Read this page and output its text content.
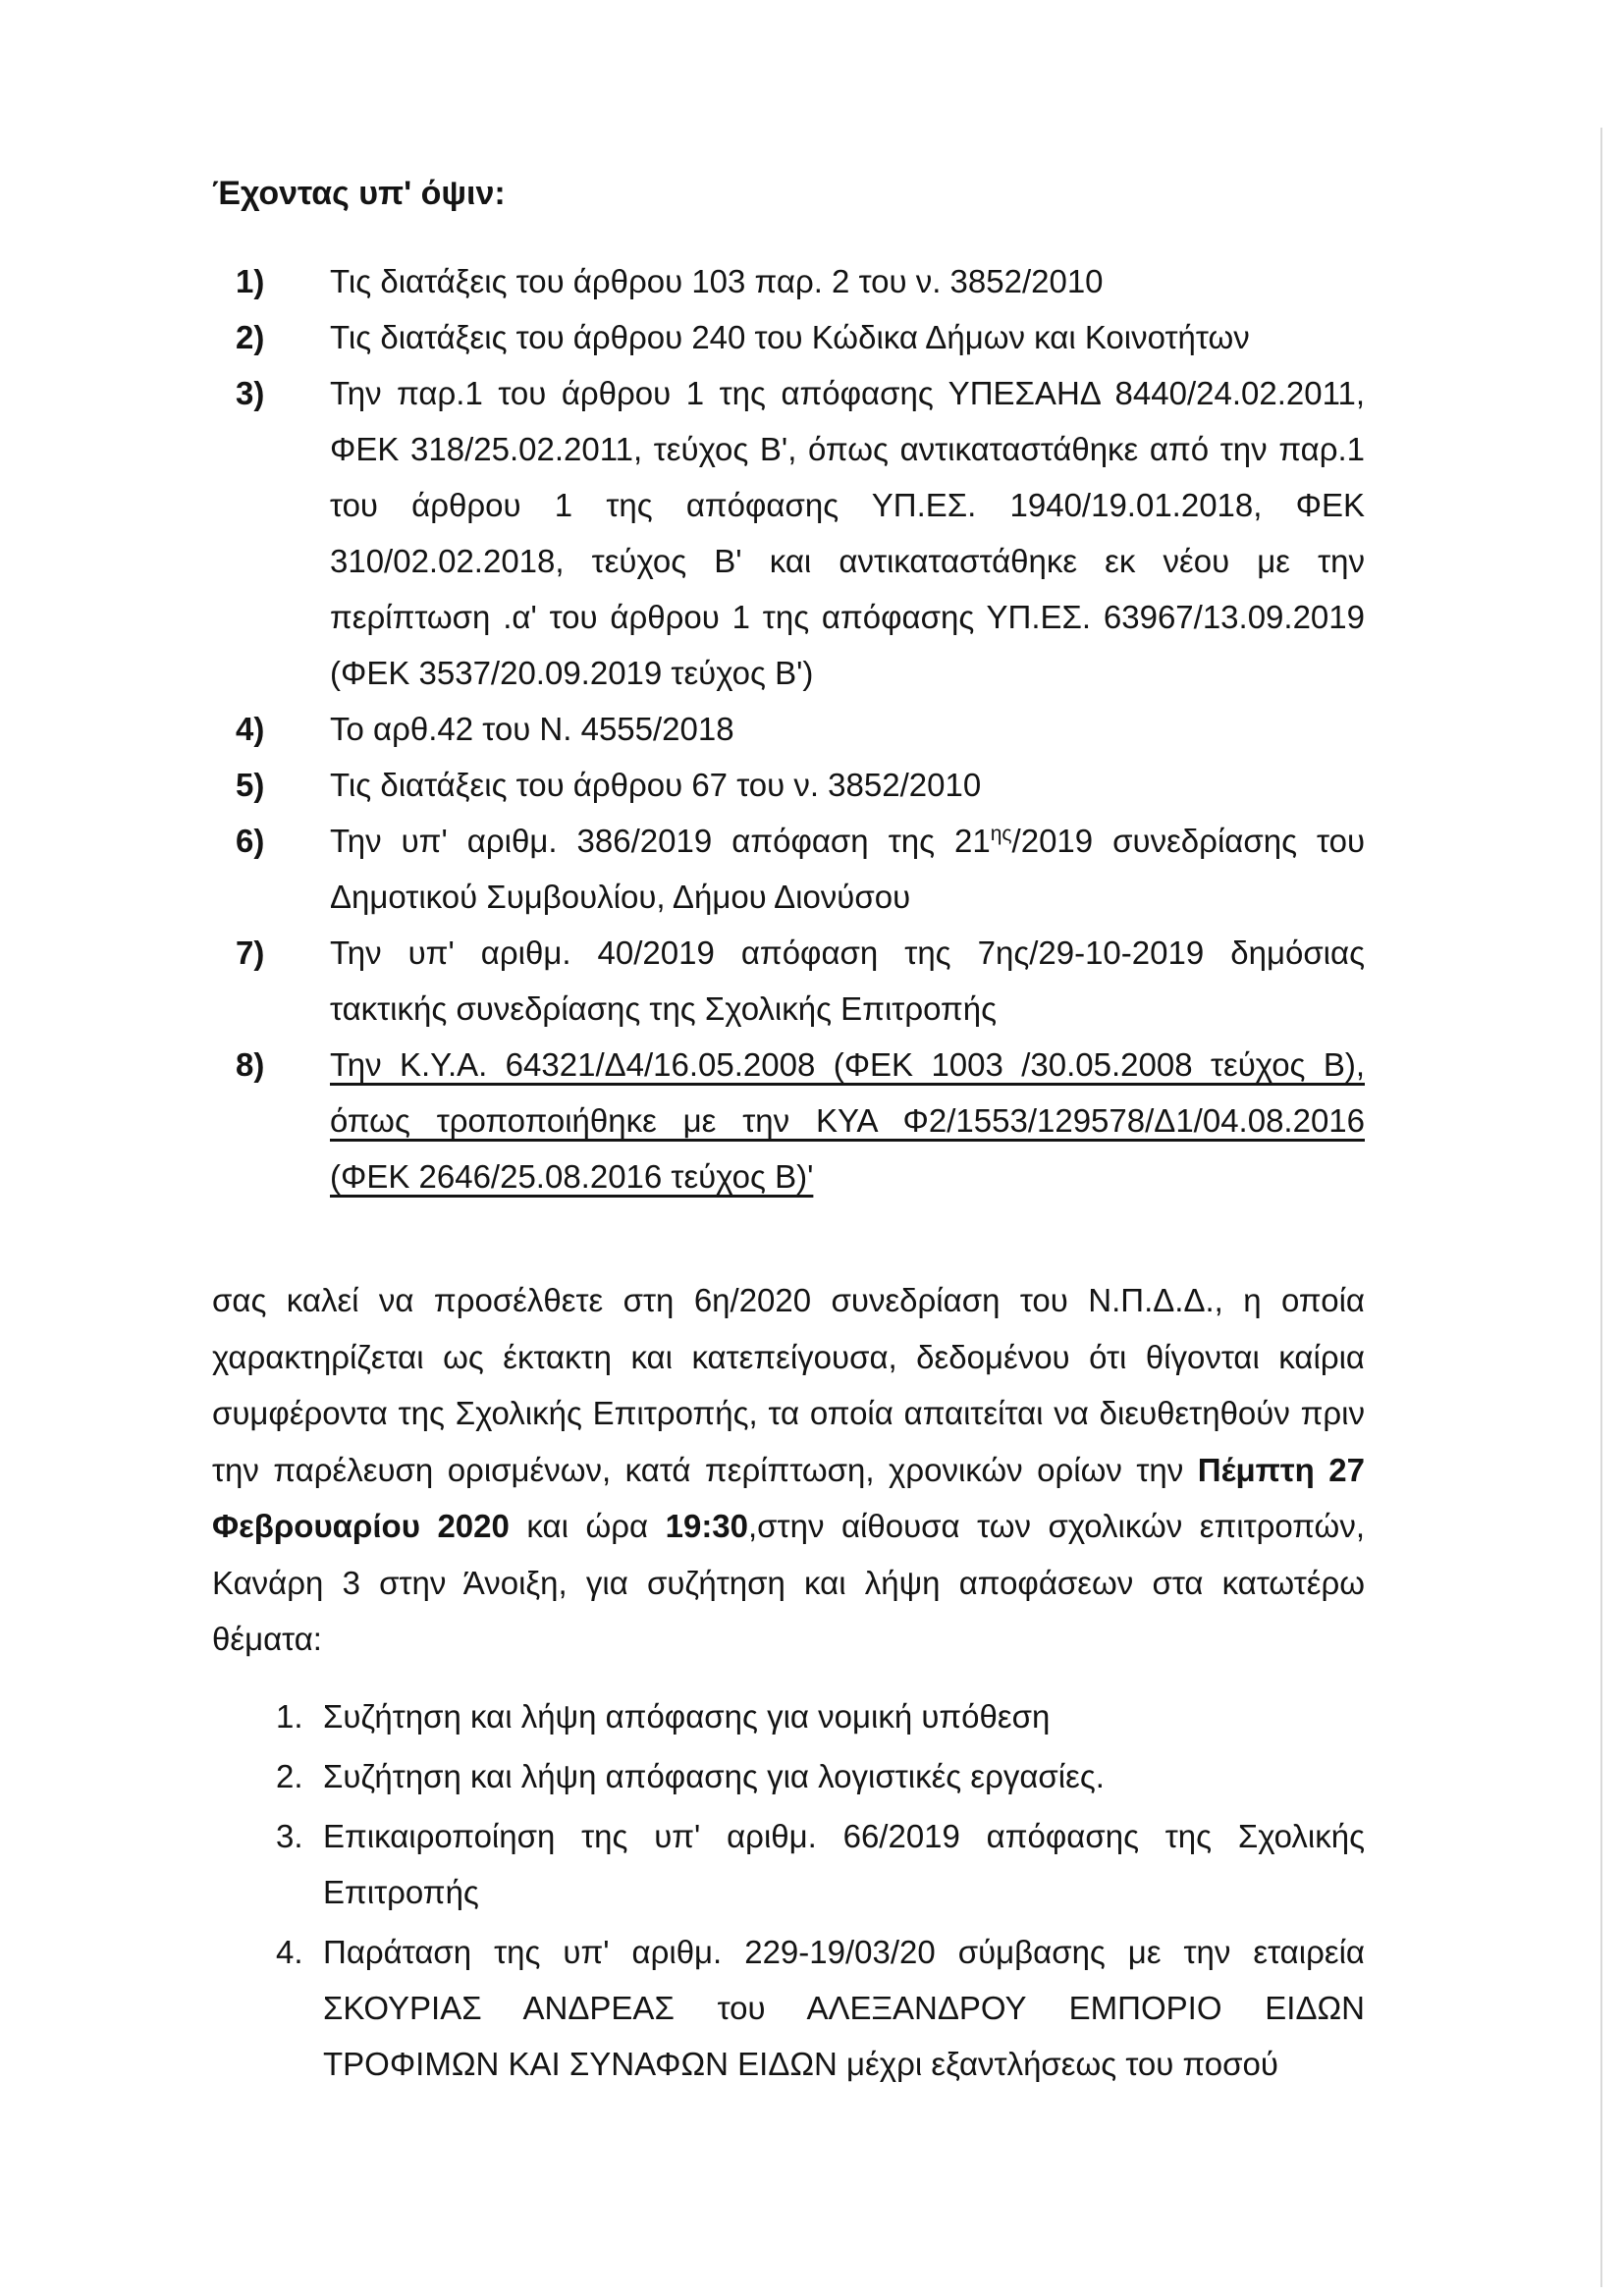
Έχοντας υπ' όψιν:
1) Τις διατάξεις του άρθρου 103 παρ. 2 του ν. 3852/2010
2) Τις διατάξεις του άρθρου 240 του Κώδικα Δήμων και Κοινοτήτων
3) Την παρ.1 του άρθρου 1 της απόφασης ΥΠΕΣΑΗΔ 8440/24.02.2011, ΦΕΚ 318/25.02.2011, τεύχος Β', όπως αντικαταστάθηκε από την παρ.1 του άρθρου 1 της απόφασης ΥΠ.ΕΣ. 1940/19.01.2018, ΦΕΚ 310/02.02.2018, τεύχος Β' και αντικαταστάθηκε εκ νέου με την περίπτωση .α' του άρθρου 1 της απόφασης ΥΠ.ΕΣ. 63967/13.09.2019 (ΦΕΚ 3537/20.09.2019 τεύχος Β')
4) Το αρθ.42 του Ν. 4555/2018
5) Τις διατάξεις του άρθρου 67 του ν. 3852/2010
6) Την υπ' αριθμ. 386/2019 απόφαση της $21^{\eta\varsigma}/2019$ συνεδρίασης του Δημοτικού Συμβουλίου, Δήμου Διονύσου
7) Την υπ' αριθμ. 40/2019 απόφαση της 7ης/29-10-2019 δημόσιας τακτικής συνεδρίασης της Σχολικής Επιτροπής
8) Την Κ.Υ.Α. 64321/Δ4/16.05.2008 (ΦΕΚ 1003 /30.05.2008 τεύχος Β), όπως τροποποιήθηκε με την ΚΥΑ Φ2/1553/129578/Δ1/04.08.2016 (ΦΕΚ 2646/25.08.2016 τεύχος Β)'

σας καλεί να προσέλθετε στη 6η/2020 συνεδρίαση του Ν.Π.Δ.Δ., η οποία χαρακτηρίζεται ως έκτακτη και κατεπείγουσα, δεδομένου ότι θίγονται καίρια συμφέροντα της Σχολικής Επιτροπής, τα οποία απαιτείται να διευθετηθούν πριν την παρέλευση ορισμένων, κατά περίπτωση, χρονικών ορίων την Πέμπτη 27 Φεβρουαρίου 2020 και ώρα 19:30,στην αίθουσα των σχολικών επιτροπών, Κανάρη 3 στην Άνοιξη, για συζήτηση και λήψη αποφάσεων στα κατωτέρω θέματα:

1. Συζήτηση και λήψη απόφασης για νομική υπόθεση
2. Συζήτηση και λήψη απόφασης για λογιστικές εργασίες.
3. Επικαιροποίηση της υπ' αριθμ. 66/2019 απόφασης της Σχολικής Επιτροπής
4. Παράταση της υπ' αριθμ. 229-19/03/20 σύμβασης με την εταιρεία ΣΚΟΥΡΙΑΣ ΑΝΔΡΕΑΣ του ΑΛΕΞΑΝΔΡΟΥ ΕΜΠΟΡΙΟ ΕΙΔΩΝ ΤΡΟΦΙΜΩΝ ΚΑΙ ΣΥΝΑΦΩΝ ΕΙΔΩΝ μέχρι εξαντλήσεως του ποσού
